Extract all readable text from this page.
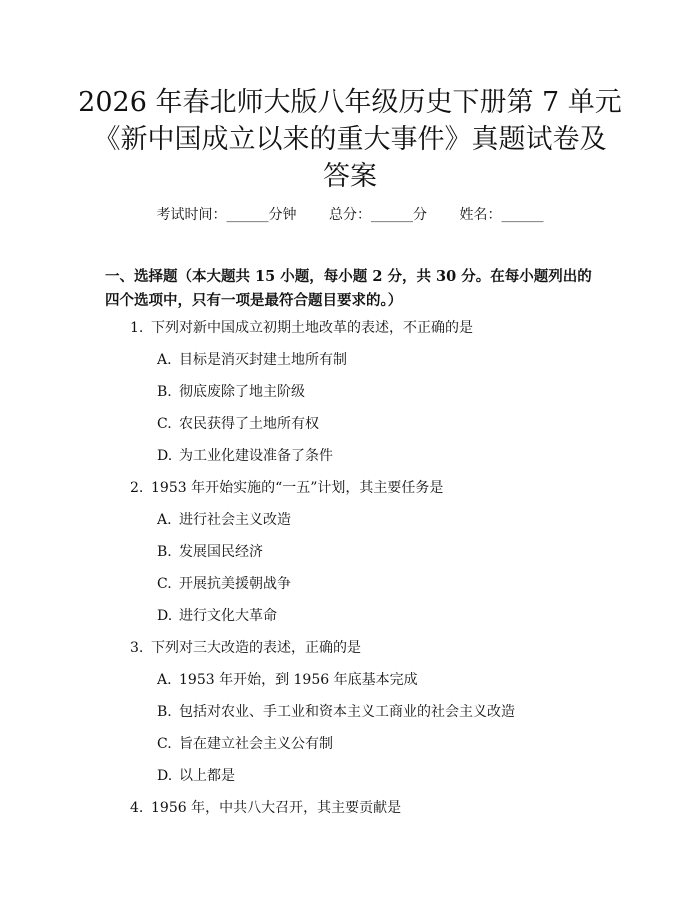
2026 年春北师大版八年级历史下册第 7 单元
《新中国成立以来的重大事件》真题试卷及
答案
考试时间：______分钟 总分：______分 姓名：______

一、选择题（本大题共 15 小题，每小题 2 分，共 30 分。在每小题列出的四个选项中，只有一项是最符合题目要求的。）

1. 下列对新中国成立初期土地改革的表述，不正确的是
A. 目标是消灭封建土地所有制
B. 彻底废除了地主阶级
C. 农民获得了土地所有权
D. 为工业化建设准备了条件
2. 1953 年开始实施的“一五”计划，其主要任务是
A. 进行社会主义改造
B. 发展国民经济
C. 开展抗美援朝战争
D. 进行文化大革命
3. 下列对三大改造的表述，正确的是
A. 1953 年开始，到 1956 年底基本完成
B. 包括对农业、手工业和资本主义工商业的社会主义改造
C. 旨在建立社会主义公有制
D. 以上都是
4. 1956 年，中共八大召开，其主要贡献是
